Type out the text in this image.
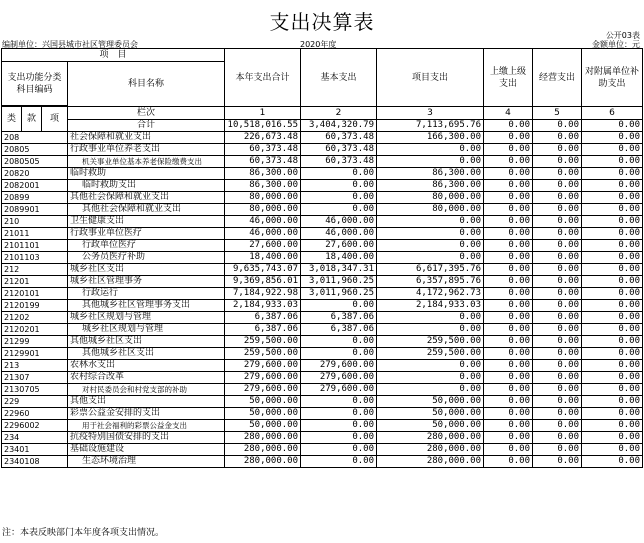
支出决算表
公开03表
编制单位：兴国县城市社区管理委员会	2020年度	金额单位：元
项　目				本年支出合计	基本支出	项目支出	上缴上级支出	经营支出	对附属单位补助支出
支出功能分类科目编码			科目名称						

类	款	项	栏次	1	2	3	4	5	6
			合计	10,518,016.55	3,404,320.79	7,113,695.76	0.00	0.00	0.00
208			社会保障和就业支出	226,673.48	60,373.48	166,300.00	0.00	0.00	0.00
20805			行政事业单位养老支出	60,373.48	60,373.48	0.00	0.00	0.00	0.00
2080505			机关事业单位基本养老保险缴费支出	60,373.48	60,373.48	0.00	0.00	0.00	0.00
20820			临时救助	86,300.00	0.00	86,300.00	0.00	0.00	0.00
2082001			临时救助支出	86,300.00	0.00	86,300.00	0.00	0.00	0.00
20899			其他社会保障和就业支出	80,000.00	0.00	80,000.00	0.00	0.00	0.00
2089901			其他社会保障和就业支出	80,000.00	0.00	80,000.00	0.00	0.00	0.00
210			卫生健康支出	46,000.00	46,000.00	0.00	0.00	0.00	0.00
21011			行政事业单位医疗	46,000.00	46,000.00	0.00	0.00	0.00	0.00
2101101			行政单位医疗	27,600.00	27,600.00	0.00	0.00	0.00	0.00
2101103			公务员医疗补助	18,400.00	18,400.00	0.00	0.00	0.00	0.00
212			城乡社区支出	9,635,743.07	3,018,347.31	6,617,395.76	0.00	0.00	0.00
21201			城乡社区管理事务	9,369,856.01	3,011,960.25	6,357,895.76	0.00	0.00	0.00
2120101			行政运行	7,184,922.98	3,011,960.25	4,172,962.73	0.00	0.00	0.00
2120199			其他城乡社区管理事务支出	2,184,933.03	0.00	2,184,933.03	0.00	0.00	0.00
21202			城乡社区规划与管理	6,387.06	6,387.06	0.00	0.00	0.00	0.00
2120201			城乡社区规划与管理	6,387.06	6,387.06	0.00	0.00	0.00	0.00
21299			其他城乡社区支出	259,500.00	0.00	259,500.00	0.00	0.00	0.00
2129901			其他城乡社区支出	259,500.00	0.00	259,500.00	0.00	0.00	0.00
213			农林水支出	279,600.00	279,600.00	0.00	0.00	0.00	0.00
21307			农村综合改革	279,600.00	279,600.00	0.00	0.00	0.00	0.00
2130705			对村民委员会和村党支部的补助	279,600.00	279,600.00	0.00	0.00	0.00	0.00
229			其他支出	50,000.00	0.00	50,000.00	0.00	0.00	0.00
22960			彩票公益金安排的支出	50,000.00	0.00	50,000.00	0.00	0.00	0.00
2296002			用于社会福利的彩票公益金支出	50,000.00	0.00	50,000.00	0.00	0.00	0.00
234			抗疫特别国债安排的支出	280,000.00	0.00	280,000.00	0.00	0.00	0.00
23401			基础设施建设	280,000.00	0.00	280,000.00	0.00	0.00	0.00
2340108			生态环境治理	280,000.00	0.00	280,000.00	0.00	0.00	0.00
注：本表反映部门本年度各项支出情况。
